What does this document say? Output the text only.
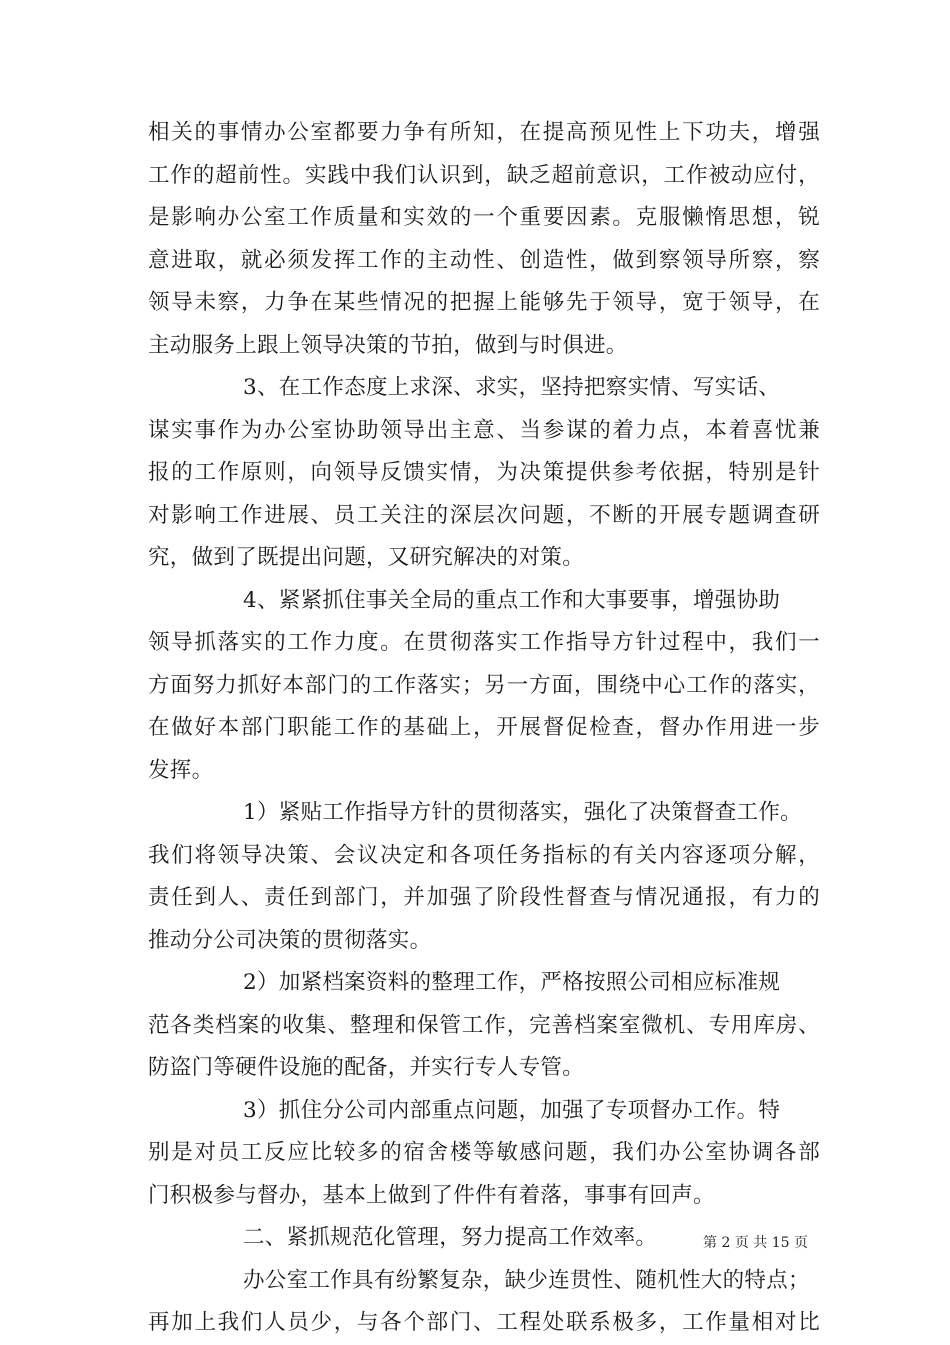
相关的事情办公室都要力争有所知，在提高预见性上下功夫，增强
工作的超前性。实践中我们认识到，缺乏超前意识，工作被动应付，
是影响办公室工作质量和实效的一个重要因素。克服懒惰思想，锐
意进取，就必须发挥工作的主动性、创造性，做到察领导所察，察
领导未察，力争在某些情况的把握上能够先于领导，宽于领导，在
主动服务上跟上领导决策的节拍，做到与时俱进。
3、在工作态度上求深、求实，坚持把察实情、写实话、
谋实事作为办公室协助领导出主意、当参谋的着力点，本着喜忧兼
报的工作原则，向领导反馈实情，为决策提供参考依据，特别是针
对影响工作进展、员工关注的深层次问题，不断的开展专题调查研
究，做到了既提出问题，又研究解决的对策。
4、紧紧抓住事关全局的重点工作和大事要事，增强协助
领导抓落实的工作力度。在贯彻落实工作指导方针过程中，我们一
方面努力抓好本部门的工作落实；另一方面，围绕中心工作的落实，
在做好本部门职能工作的基础上，开展督促检查，督办作用进一步
发挥。
1）紧贴工作指导方针的贯彻落实，强化了决策督查工作。
我们将领导决策、会议决定和各项任务指标的有关内容逐项分解，
责任到人、责任到部门，并加强了阶段性督查与情况通报，有力的
推动分公司决策的贯彻落实。
2）加紧档案资料的整理工作，严格按照公司相应标准规
范各类档案的收集、整理和保管工作，完善档案室微机、专用库房、
防盗门等硬件设施的配备，并实行专人专管。
3）抓住分公司内部重点问题，加强了专项督办工作。特
别是对员工反应比较多的宿舍楼等敏感问题，我们办公室协调各部
门积极参与督办，基本上做到了件件有着落，事事有回声。
二、紧抓规范化管理，努力提高工作效率。
办公室工作具有纷繁复杂，缺少连贯性、随机性大的特点；
再加上我们人员少，与各个部门、工程处联系极多，工作量相对比
第 2 页 共 15 页
